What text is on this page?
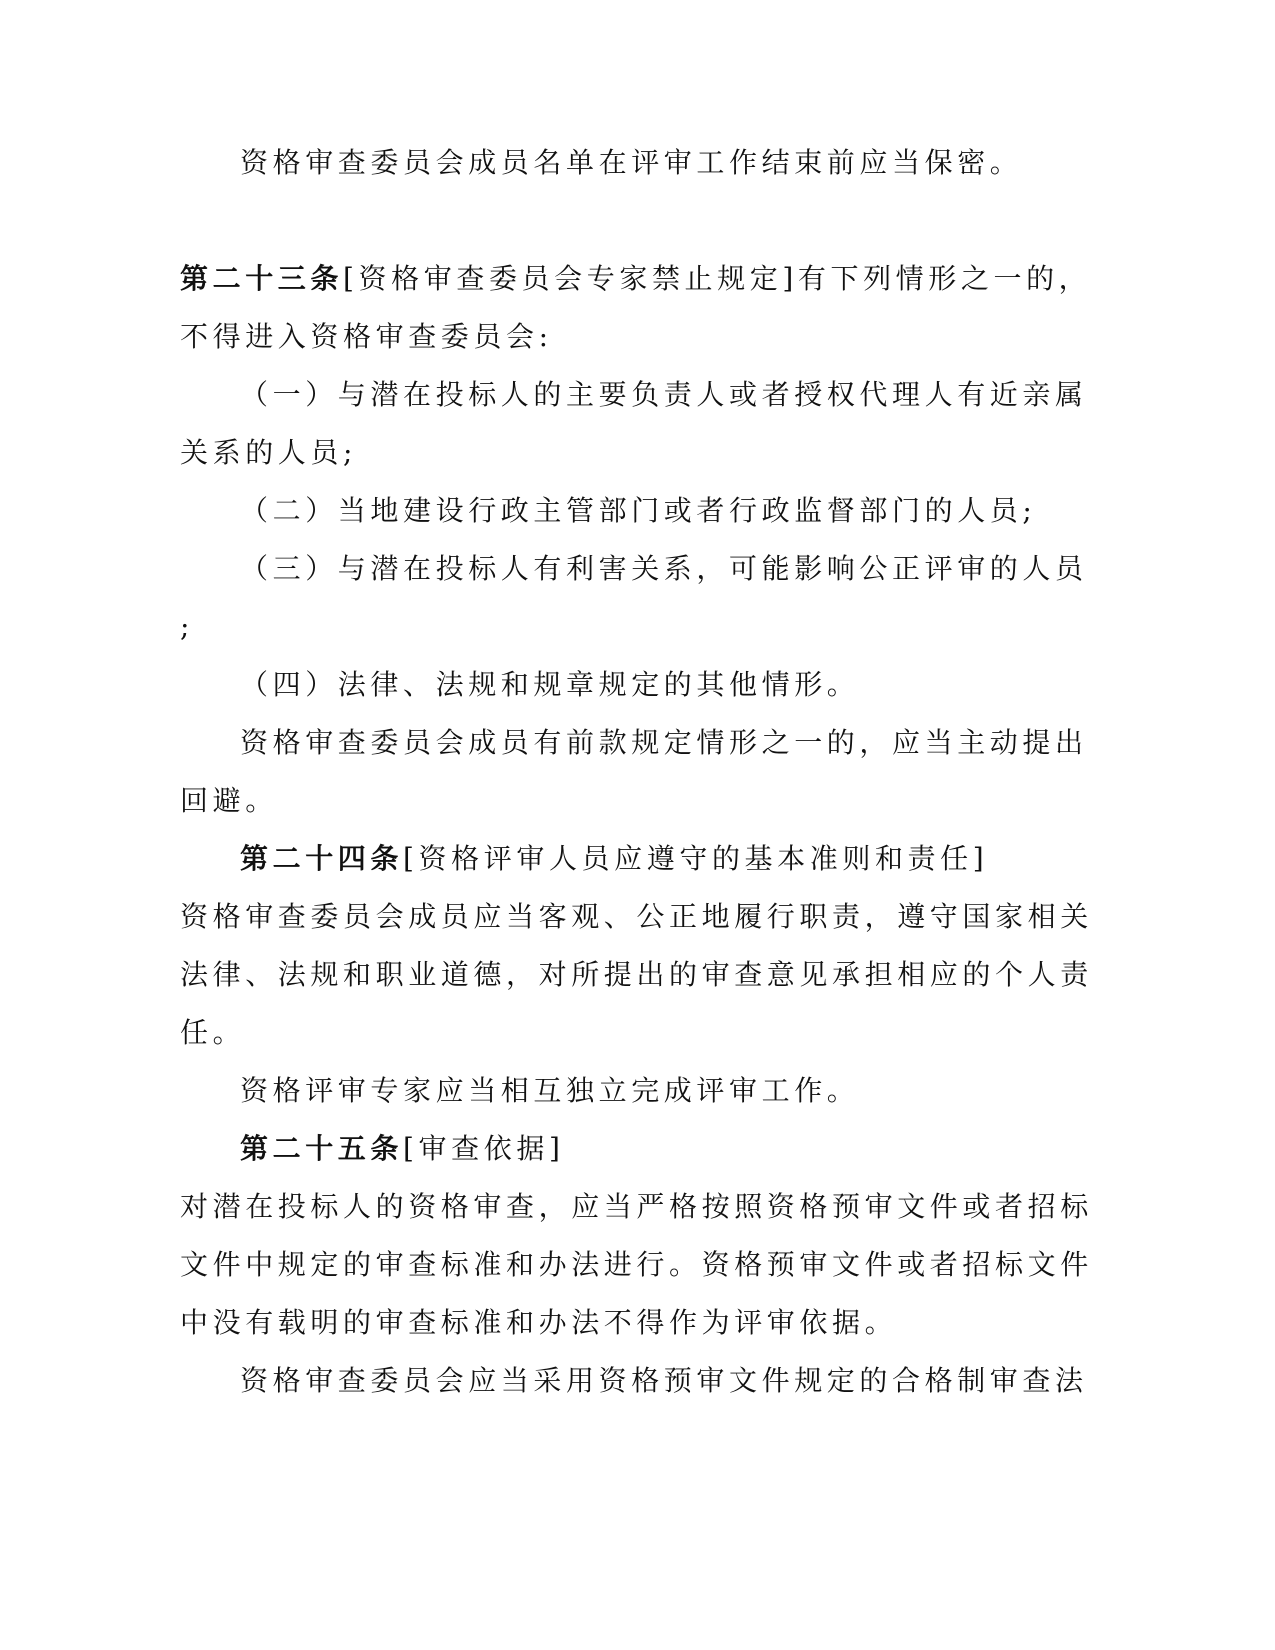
资格审查委员会成员名单在评审工作结束前应当保密。
第二十三条[资格审查委员会专家禁止规定]有下列情形之一的，
不得进入资格审查委员会:
（一）与潜在投标人的主要负责人或者授权代理人有近亲属
关系的人员;
（二）当地建设行政主管部门或者行政监督部门的人员;
（三）与潜在投标人有利害关系，可能影响公正评审的人员
;
（四）法律、法规和规章规定的其他情形。
资格审查委员会成员有前款规定情形之一的，应当主动提出
回避。
第二十四条[资格评审人员应遵守的基本准则和责任]
资格审查委员会成员应当客观、公正地履行职责，遵守国家相关
法律、法规和职业道德，对所提出的审查意见承担相应的个人责
任。
资格评审专家应当相互独立完成评审工作。
第二十五条[审查依据]
对潜在投标人的资格审查，应当严格按照资格预审文件或者招标
文件中规定的审查标准和办法进行。资格预审文件或者招标文件
中没有载明的审查标准和办法不得作为评审依据。
资格审查委员会应当采用资格预审文件规定的合格制审查法
